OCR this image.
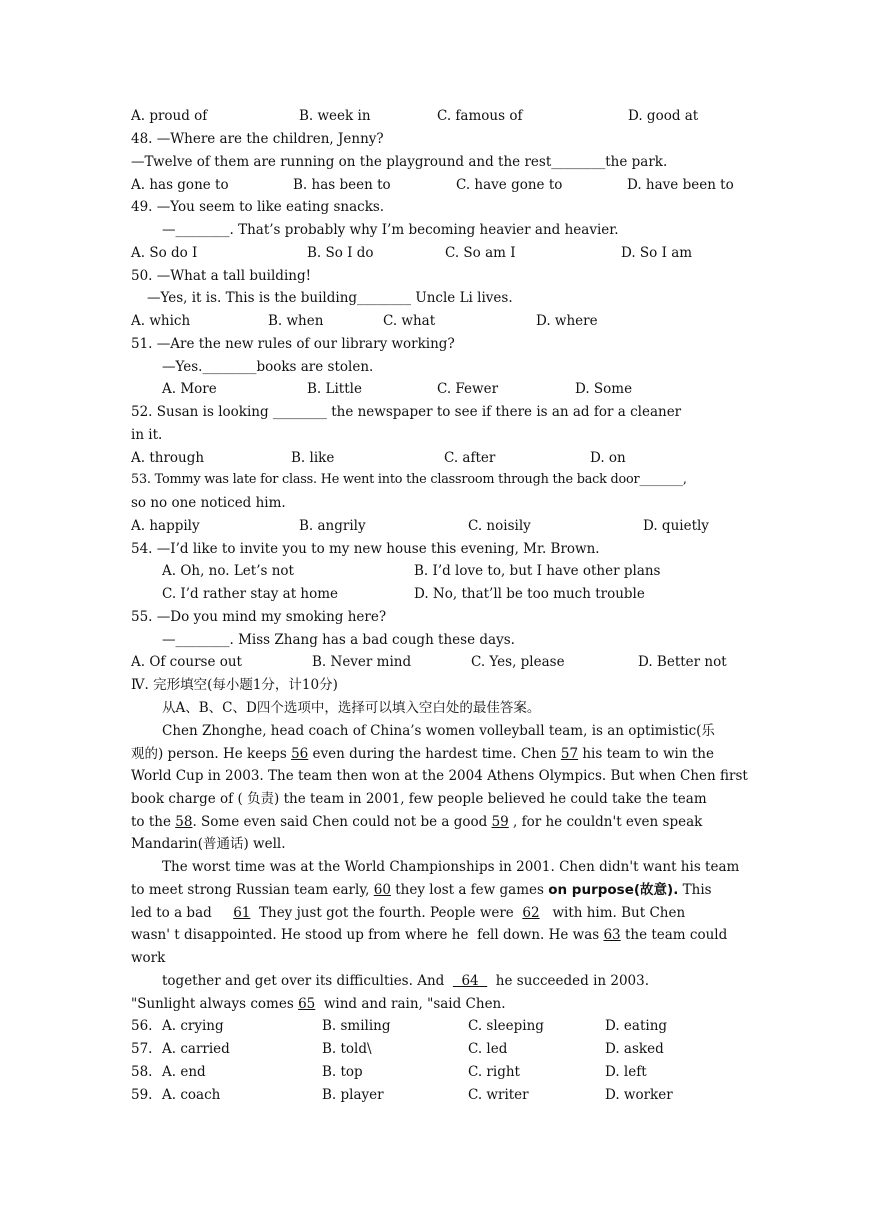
A. proud of	B. week in	C. famous of	D. good at
48. —Where are the children, Jenny?
—Twelve of them are running on the playground and the rest________the park.
A. has gone to	B. has been to	C. have gone to	D. have been to
49. —You seem to like eating snacks.
—________. That’s probably why I’m becoming heavier and heavier.
A. So do I	B. So I do	C. So am I	D. So I am
50. —What a tall building!
—Yes, it is. This is the building________ Uncle Li lives.
A. which	B. when	C. what	D. where
51. —Are the new rules of our library working?
—Yes.________books are stolen.
A. More	B. Little	C. Fewer	D. Some
52. Susan is looking ________ the newspaper to see if there is an ad for a cleaner
in it.
A. through	B. like	C. after	D. on
53. Tommy was late for class. He went into the classroom through the back door_______,
so no one noticed him.
A. happily	B. angrily	C. noisily	D. quietly
54. —I’d like to invite you to my new house this evening, Mr. Brown.
A. Oh, no. Let’s not	B. I’d love to, but I have other plans
C. I’d rather stay at home	D. No, that’ll be too much trouble
55. —Do you mind my smoking here?
—________. Miss Zhang has a bad cough these days.
A. Of course out	B. Never mind	C. Yes, please	D. Better not
Ⅳ. 完形填空(每小题1分，计10分)
从A、B、C、D四个选项中，选择可以填入空白处的最佳答案。
Chen Zhonghe, head coach of China’s women volleyball team, is an optimistic(乐
观的) person. He keeps 56 even during the hardest time. Chen 57 his team to win the
World Cup in 2003. The team then won at the 2004 Athens Olympics. But when Chen first
book charge of ( 负责) the team in 2001, few people believed he could take the team
to the 58. Some even said Chen could not be a good 59 , for he couldn't even speak
Mandarin(普通话) well.
The worst time was at the World Championships in 2001. Chen didn't want his team
to meet strong Russian team early, 60 they lost a few games on purpose(故意). This
led to a bad     61  They just got the fourth. People were  62   with him. But Chen
wasn' t disappointed. He stood up from where he  fell down. He was 63 the team could
work
together and get over its difficulties. And    64    he succeeded in 2003.
"Sunlight always comes 65  wind and rain, "said Chen.
56. A. crying	B. smiling	C. sleeping	D. eating
57. A. carried	B. told\	C. led	D. asked
58. A. end	B. top	C. right	D. left
59. A. coach	B. player	C. writer	D. worker
